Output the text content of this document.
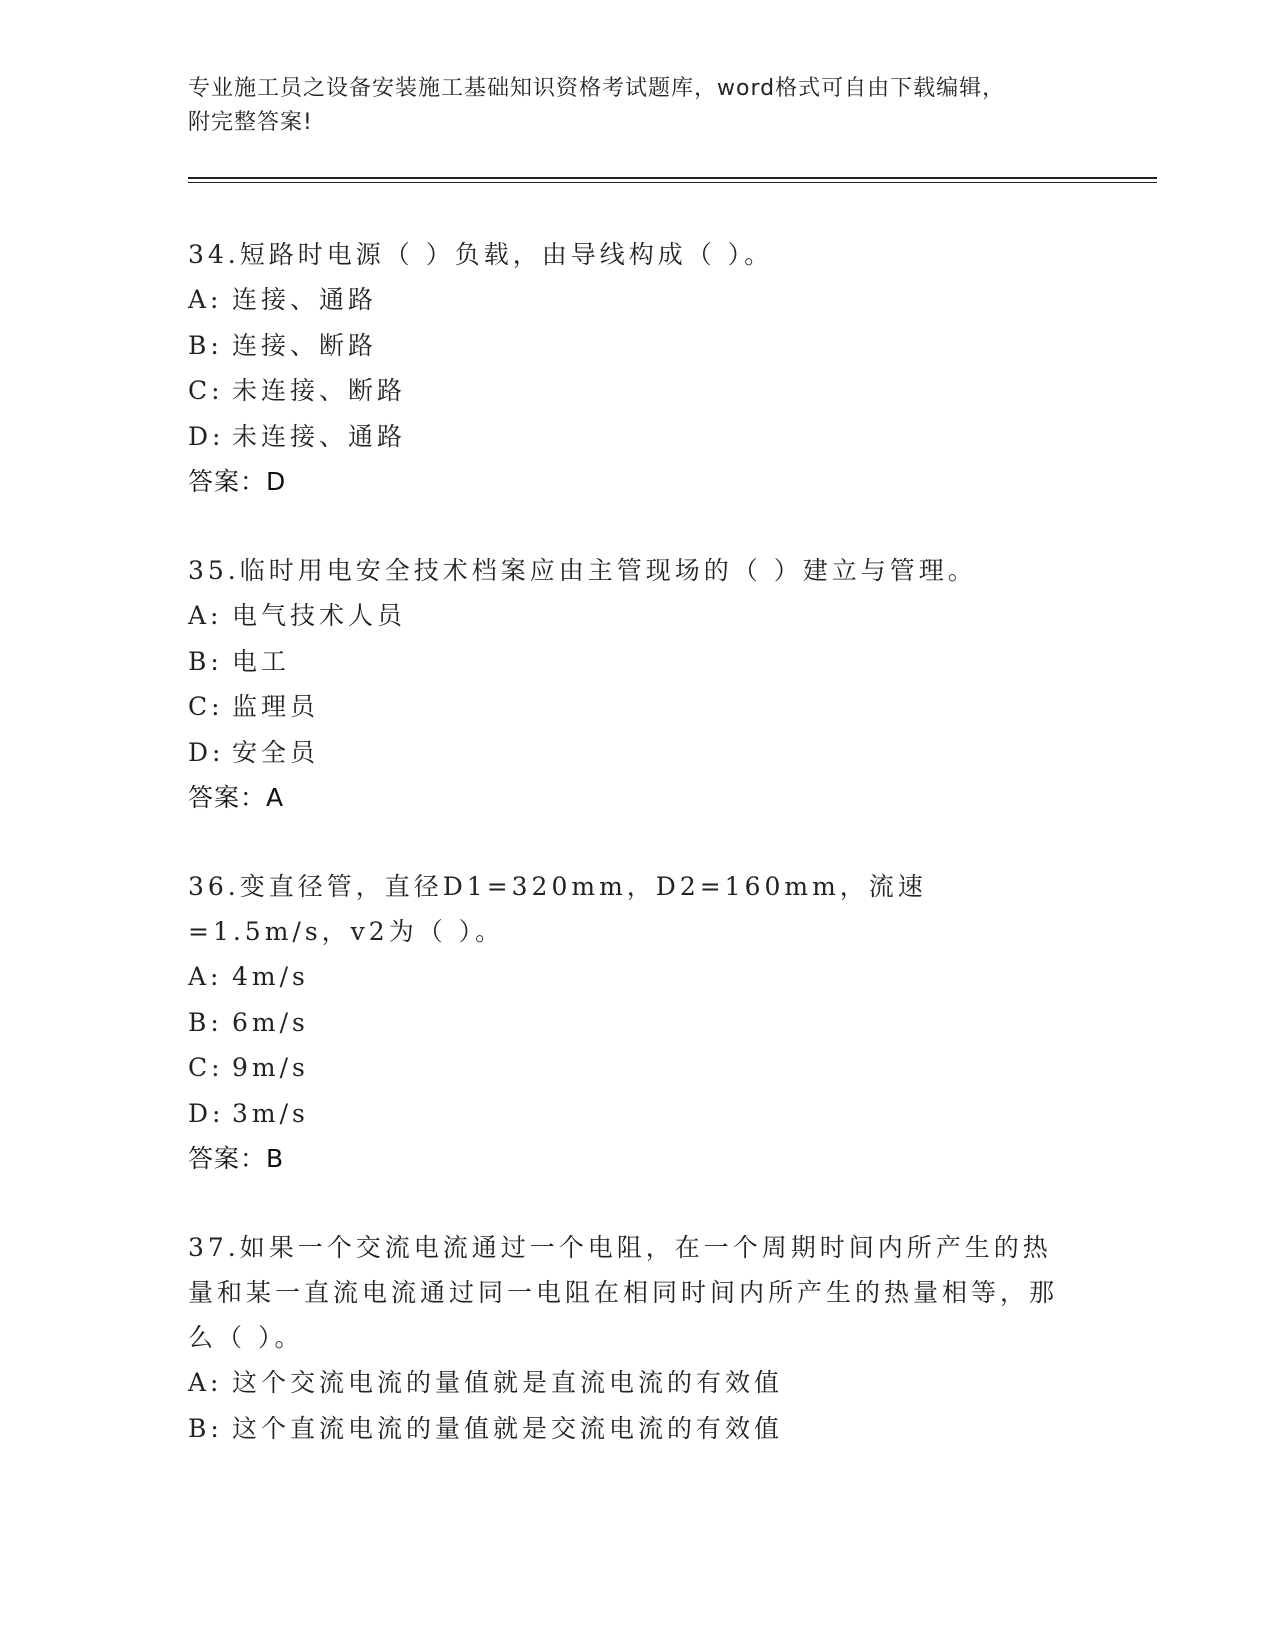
专业施工员之设备安装施工基础知识资格考试题库，word格式可自由下载编辑，
附完整答案!

34.短路时电源（ ）负载，由导线构成（ ）。

A: 连接、通路
B: 连接、断路
C: 未连接、断路
D: 未连接、通路
答案：D

35.临时用电安全技术档案应由主管现场的（ ）建立与管理。

A: 电气技术人员
B: 电工
C: 监理员
D: 安全员
答案：A

36.变直径管，直径D1=320mm，D2=160mm，流速=1.5m/s，v2为（ ）。

A: 4m/s
B: 6m/s
C: 9m/s
D: 3m/s
答案：B

37.如果一个交流电流通过一个电阻，在一个周期时间内所产生的热量和某一直流电流通过同一电阻在相同时间内所产生的热量相等，那么（ ）。

A: 这个交流电流的量值就是直流电流的有效值
B: 这个直流电流的量值就是交流电流的有效值
